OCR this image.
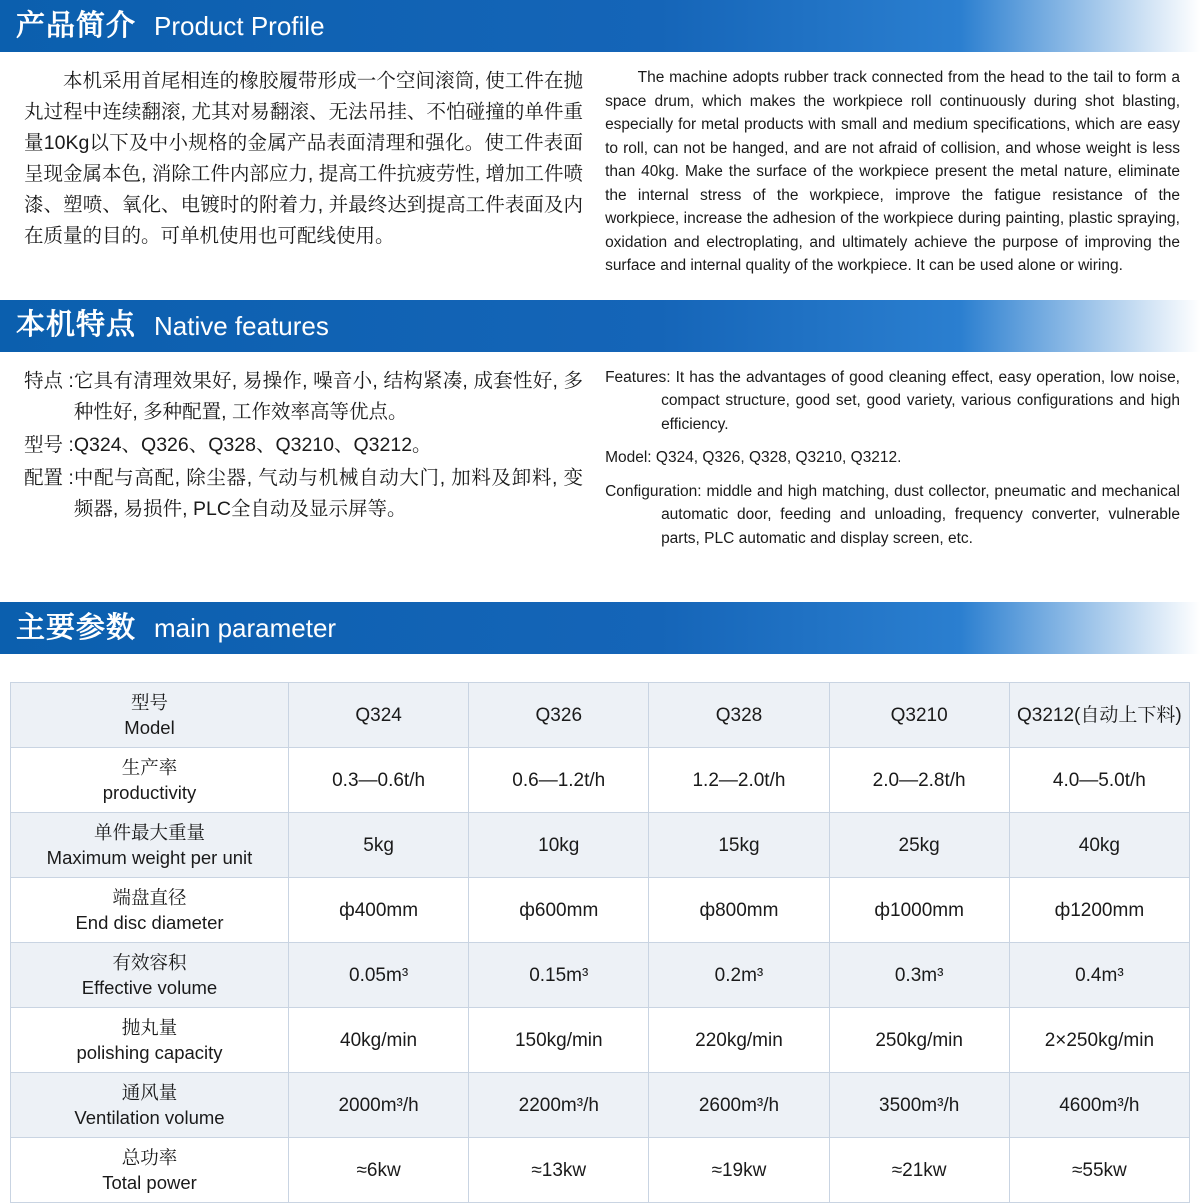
产品简介 Product Profile

本机采用首尾相连的橡胶履带形成一个空间滚筒, 使工件在抛丸过程中连续翻滚, 尤其对易翻滚、无法吊挂、不怕碰撞的单件重量10Kg以下及中小规格的金属产品表面清理和强化。使工件表面呈现金属本色, 消除工件内部应力, 提高工件抗疲劳性, 增加工件喷漆、塑喷、氧化、电镀时的附着力, 并最终达到提高工件表面及内在质量的目的。可单机使用也可配线使用。

The machine adopts rubber track connected from the head to the tail to form a space drum, which makes the workpiece roll continuously during shot blasting, especially for metal products with small and medium specifications, which are easy to roll, can not be hanged, and are not afraid of collision, and whose weight is less than 40kg. Make the surface of the workpiece present the metal nature, eliminate the internal stress of the workpiece, improve the fatigue resistance of the workpiece, increase the adhesion of the workpiece during painting, plastic spraying, oxidation and electroplating, and ultimately achieve the purpose of improving the surface and internal quality of the workpiece. It can be used alone or wiring.

本机特点 Native features
特点 : 它具有清理效果好, 易操作, 噪音小, 结构紧凑, 成套性好, 多种性好, 多种配置, 工作效率高等优点。
型号 : Q324、Q326、Q328、Q3210、Q3212。
配置 : 中配与高配, 除尘器, 气动与机械自动大门, 加料及卸料, 变频器, 易损件, PLC全自动及显示屏等。

Features: It has the advantages of good cleaning effect, easy operation, low noise, compact structure, good set, good variety, various configurations and high efficiency.

Model: Q324, Q326, Q328, Q3210, Q3212.

Configuration: middle and high matching, dust collector, pneumatic and mechanical automatic door, feeding and unloading, frequency converter, vulnerable parts, PLC automatic and display screen, etc.

主要参数 main parameter
型号
Model	Q324	Q326	Q328	Q3210	Q3212(自动上下料)

生产率
productivity	0.3—0.6t/h	0.6—1.2t/h	1.2—2.0t/h	2.0—2.8t/h	4.0—5.0t/h

单件最大重量
Maximum weight per unit	5kg	10kg	15kg	25kg	40kg

端盘直径
End disc diameter	ф400mm	ф600mm	ф800mm	ф1000mm	ф1200mm

有效容积
Effective volume	0.05m³	0.15m³	0.2m³	0.3m³	0.4m³

抛丸量
polishing capacity	40kg/min	150kg/min	220kg/min	250kg/min	2×250kg/min

通风量
Ventilation volume	2000m³/h	2200m³/h	2600m³/h	3500m³/h	4600m³/h

总功率
Total power	≈6kw	≈13kw	≈19kw	≈21kw	≈55kw
